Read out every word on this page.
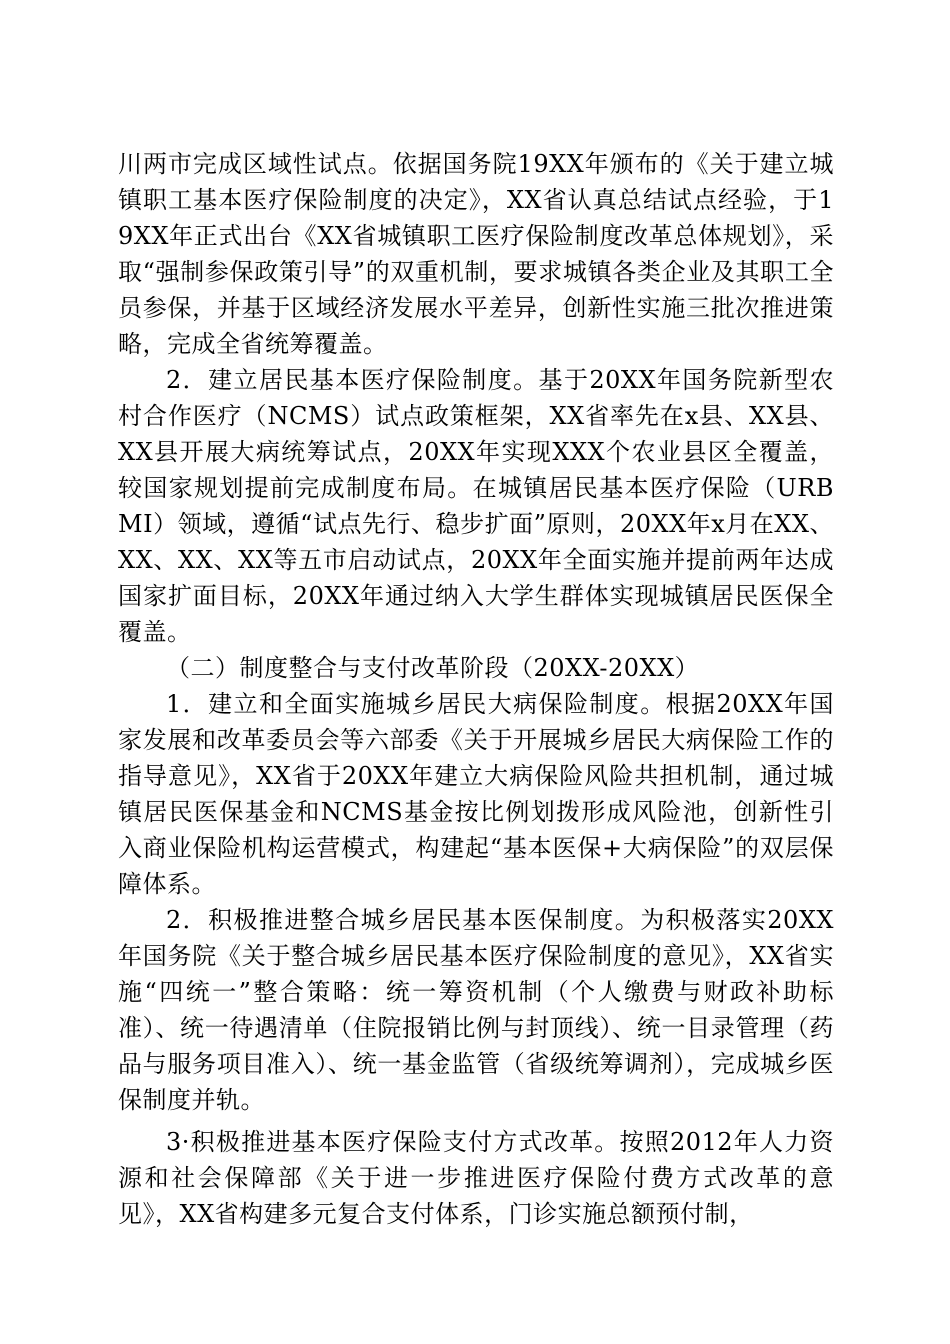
川两市完成区域性试点。依据国务院19XX年颁布的《关于建立城镇职工基本医疗保险制度的决定》，XX省认真总结试点经验，于19XX年正式出台《XX省城镇职工医疗保险制度改革总体规划》，采取“强制参保政策引导”的双重机制，要求城镇各类企业及其职工全员参保，并基于区域经济发展水平差异，创新性实施三批次推进策略，完成全省统筹覆盖。

2．建立居民基本医疗保险制度。基于20XX年国务院新型农村合作医疗（NCMS）试点政策框架，XX省率先在x县、XX县、XX县开展大病统筹试点，20XX年实现XXX个农业县区全覆盖，较国家规划提前完成制度布局。在城镇居民基本医疗保险（URBMI）领域，遵循“试点先行、稳步扩面”原则，20XX年x月在XX、XX、XX、XX等五市启动试点，20XX年全面实施并提前两年达成国家扩面目标，20XX年通过纳入大学生群体实现城镇居民医保全覆盖。

（二）制度整合与支付改革阶段（20XX-20XX）

1．建立和全面实施城乡居民大病保险制度。根据20XX年国家发展和改革委员会等六部委《关于开展城乡居民大病保险工作的指导意见》，XX省于20XX年建立大病保险风险共担机制，通过城镇居民医保基金和NCMS基金按比例划拨形成风险池，创新性引入商业保险机构运营模式，构建起“基本医保+大病保险”的双层保障体系。

2．积极推进整合城乡居民基本医保制度。为积极落实20XX年国务院《关于整合城乡居民基本医疗保险制度的意见》，XX省实施“四统一”整合策略：统一筹资机制（个人缴费与财政补助标准）、统一待遇清单（住院报销比例与封顶线）、统一目录管理（药品与服务项目准入）、统一基金监管（省级统筹调剂），完成城乡医保制度并轨。

3·积极推进基本医疗保险支付方式改革。按照2012年人力资源和社会保障部《关于进一步推进医疗保险付费方式改革的意见》，XX省构建多元复合支付体系，门诊实施总额预付制，
